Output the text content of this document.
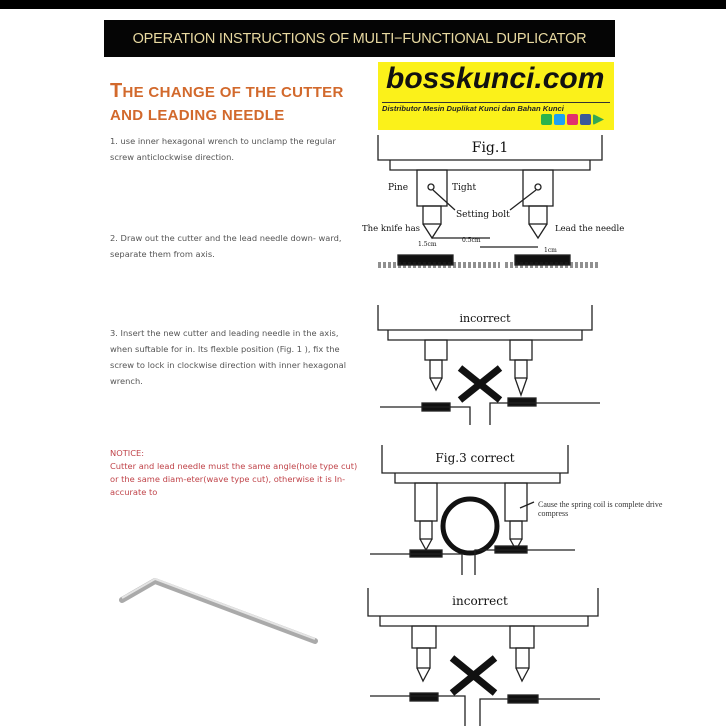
OPERATION INSTRUCTIONS OF MULTI−FUNCTIONAL DUPLICATOR
THE CHANGE OF THE CUTTER
AND LEADING NEEDLE
1. use inner hexagonal wrench to unclamp the regular screw anticlockwise direction.
2. Draw out the cutter and the lead needle down- ward, separate them from axis.
3. Insert the new cutter and leading needle in the axis, when suftable for in. Its flexble position (Fig. 1 ), fix the screw to lock in clockwise direction with inner hexagonal wrench.
NOTICE:
Cutter and lead needle must the same angle(hole type cut) or the same diam-eter(wave type cut), otherwise it is In- accurate to
bosskunci.com
Distributor Mesin Duplikat Kunci dan Bahan Kunci
Fig.1
Pine	Tight
Setting bolt
The knife has	Lead the needle
0.5cm
1.5cm
1cm
incorrect
Fig.3 correct
Cause the spring coil is complete drive compress
incorrect
